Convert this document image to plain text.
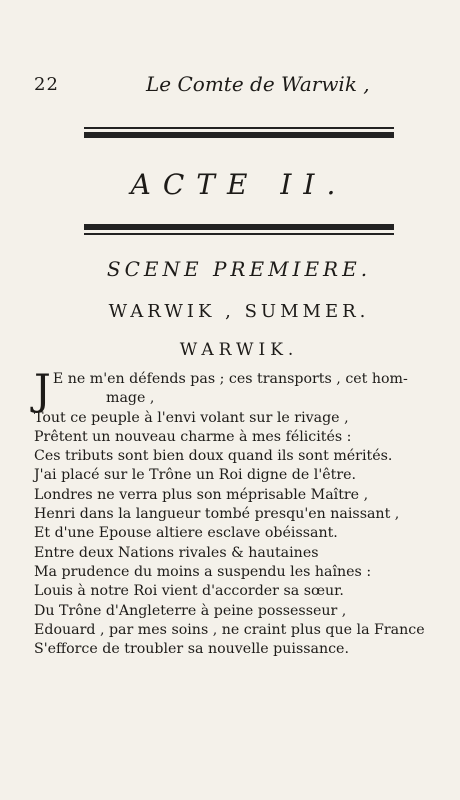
22	Le Comte de Warwik ,
ACTE II.
SCENE PREMIERE.
WARWIK , SUMMER.
WARWIK.
J E ne m'en défends pas ; ces transports , cet hom-
mage ,
Tout ce peuple à l'envi volant sur le rivage ,
Prêtent un nouveau charme à mes félicités :
Ces tributs sont bien doux quand ils sont mérités.
J'ai placé sur le Trône un Roi digne de l'être.
Londres ne verra plus son méprisable Maître ,
Henri dans la langueur tombé presqu'en naissant ,
Et d'une Epouse altiere esclave obéissant.
Entre deux Nations rivales & hautaines
Ma prudence du moins a suspendu les haînes :
Louis à notre Roi vient d'accorder sa sœur.
Du Trône d'Angleterre à peine possesseur ,
Edouard , par mes soins , ne craint plus que la France
S'efforce de troubler sa nouvelle puissance.
